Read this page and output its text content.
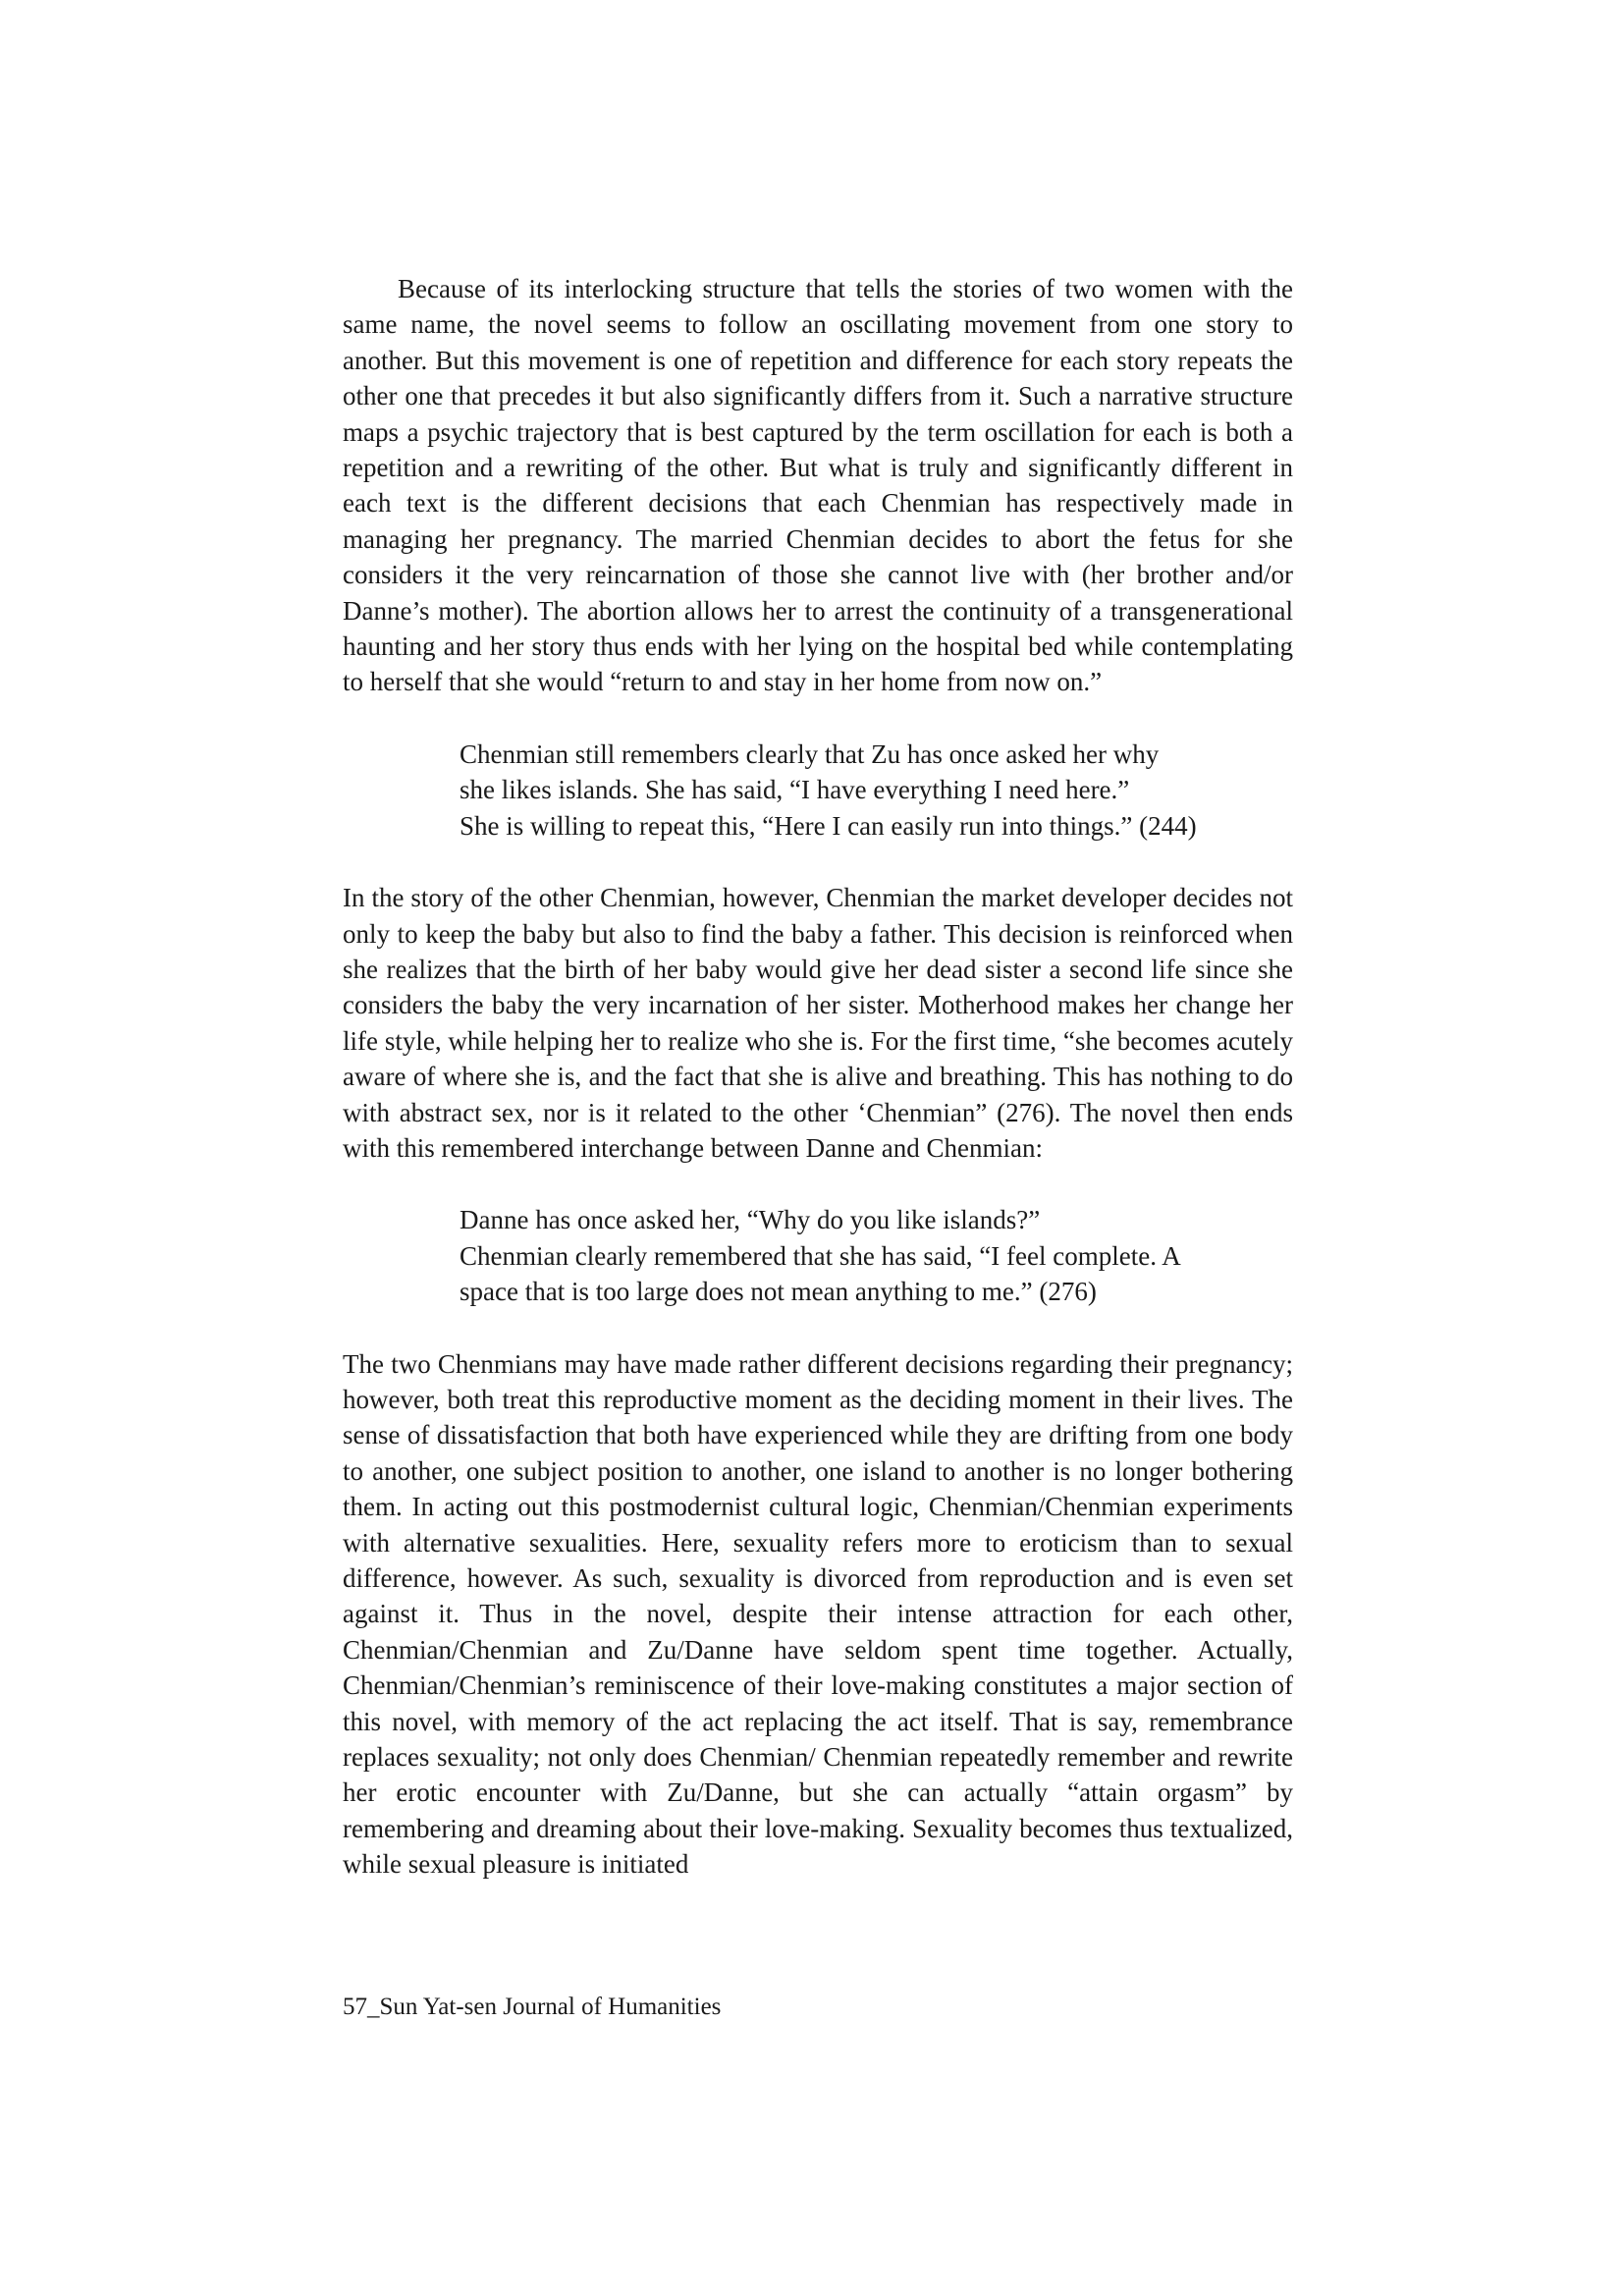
Because of its interlocking structure that tells the stories of two women with the same name, the novel seems to follow an oscillating movement from one story to another. But this movement is one of repetition and difference for each story repeats the other one that precedes it but also significantly differs from it. Such a narrative structure maps a psychic trajectory that is best captured by the term oscillation for each is both a repetition and a rewriting of the other. But what is truly and significantly different in each text is the different decisions that each Chenmian has respectively made in managing her pregnancy. The married Chenmian decides to abort the fetus for she considers it the very reincarnation of those she cannot live with (her brother and/or Danne’s mother). The abortion allows her to arrest the continuity of a transgenerational haunting and her story thus ends with her lying on the hospital bed while contemplating to herself that she would “return to and stay in her home from now on.”

Chenmian still remembers clearly that Zu has once asked her why
she likes islands. She has said, “I have everything I need here.”
She is willing to repeat this, “Here I can easily run into things.” (244)

In the story of the other Chenmian, however, Chenmian the market developer decides not only to keep the baby but also to find the baby a father. This decision is reinforced when she realizes that the birth of her baby would give her dead sister a second life since she considers the baby the very incarnation of her sister. Motherhood makes her change her life style, while helping her to realize who she is. For the first time, “she becomes acutely aware of where she is, and the fact that she is alive and breathing. This has nothing to do with abstract sex, nor is it related to the other ‘Chenmian” (276). The novel then ends with this remembered interchange between Danne and Chenmian:

Danne has once asked her, “Why do you like islands?”
Chenmian clearly remembered that she has said, “I feel complete. A
space that is too large does not mean anything to me.” (276)

The two Chenmians may have made rather different decisions regarding their pregnancy; however, both treat this reproductive moment as the deciding moment in their lives. The sense of dissatisfaction that both have experienced while they are drifting from one body to another, one subject position to another, one island to another is no longer bothering them. In acting out this postmodernist cultural logic, Chenmian/Chenmian experiments with alternative sexualities. Here, sexuality refers more to eroticism than to sexual difference, however. As such, sexuality is divorced from reproduction and is even set against it. Thus in the novel, despite their intense attraction for each other, Chenmian/Chenmian and Zu/Danne have seldom spent time together. Actually, Chenmian/Chenmian’s reminiscence of their love-making constitutes a major section of this novel, with memory of the act replacing the act itself. That is say, remembrance replaces sexuality; not only does Chenmian/ Chenmian repeatedly remember and rewrite her erotic encounter with Zu/Danne, but she can actually “attain orgasm” by remembering and dreaming about their love-making. Sexuality becomes thus textualized, while sexual pleasure is initiated

57_Sun Yat-sen Journal of Humanities
